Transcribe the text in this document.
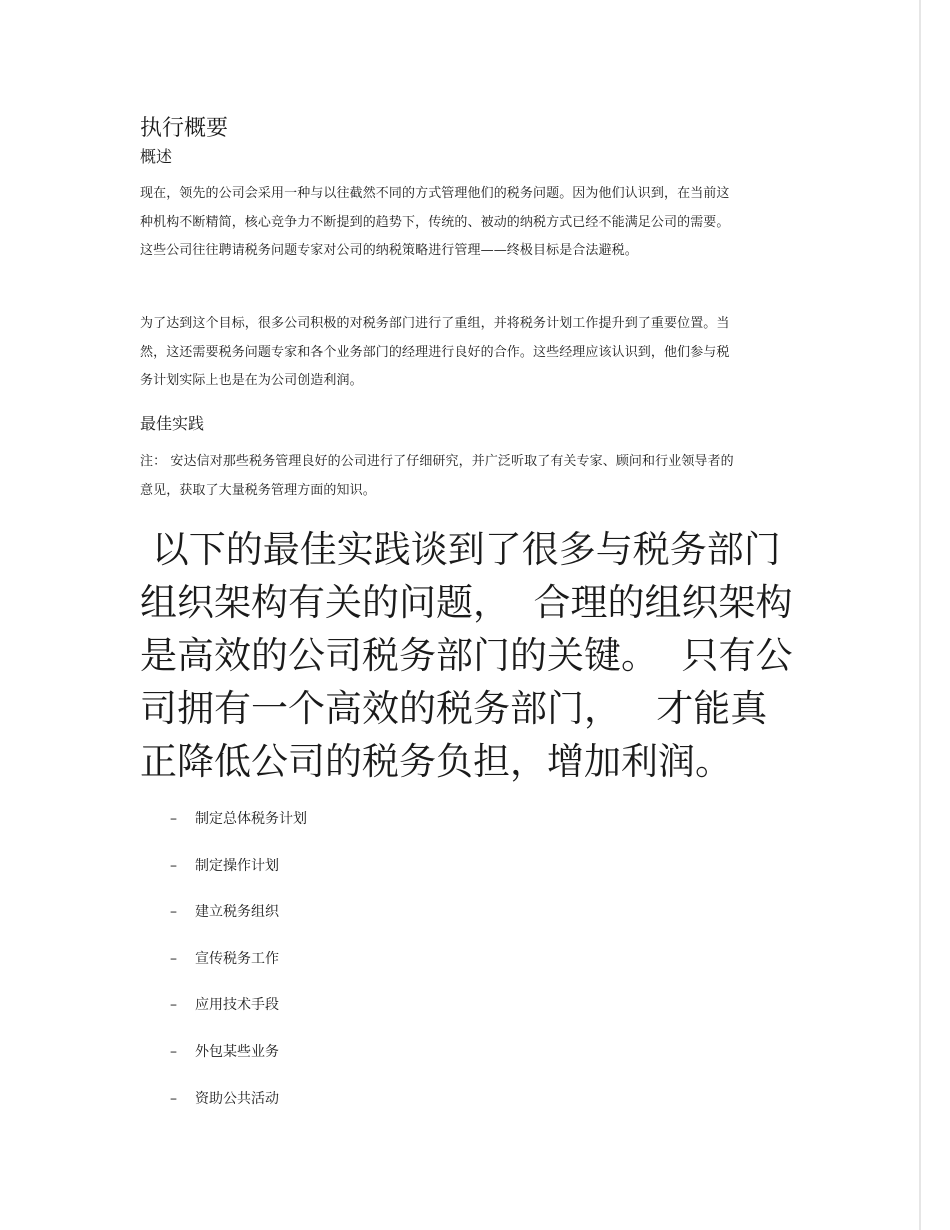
执行概要
概述
现在，领先的公司会采用一种与以往截然不同的方式管理他们的税务问题。因为他们认识到，在当前这种机构不断精简，核心竞争力不断提到的趋势下，传统的、被动的纳税方式已经不能满足公司的需要。这些公司往往聘请税务问题专家对公司的纳税策略进行管理——终极目标是合法避税。
为了达到这个目标，很多公司积极的对税务部门进行了重组，并将税务计划工作提升到了重要位置。当然，这还需要税务问题专家和各个业务部门的经理进行良好的合作。这些经理应该认识到，他们参与税务计划实际上也是在为公司创造利润。
最佳实践
注： 安达信对那些税务管理良好的公司进行了仔细研究，并广泛听取了有关专家、顾问和行业领导者的意见，获取了大量税务管理方面的知识。
以下的最佳实践谈到了很多与税务部门组织架构有关的问题，  合理的组织架构是高效的公司税务部门的关键。  只有公司拥有一个高效的税务部门，   才能真 正降低公司的税务负担，增加利润。
–	制定总体税务计划
–	制定操作计划
–	建立税务组织
–	宣传税务工作
–	应用技术手段
–	外包某些业务
–	资助公共活动
